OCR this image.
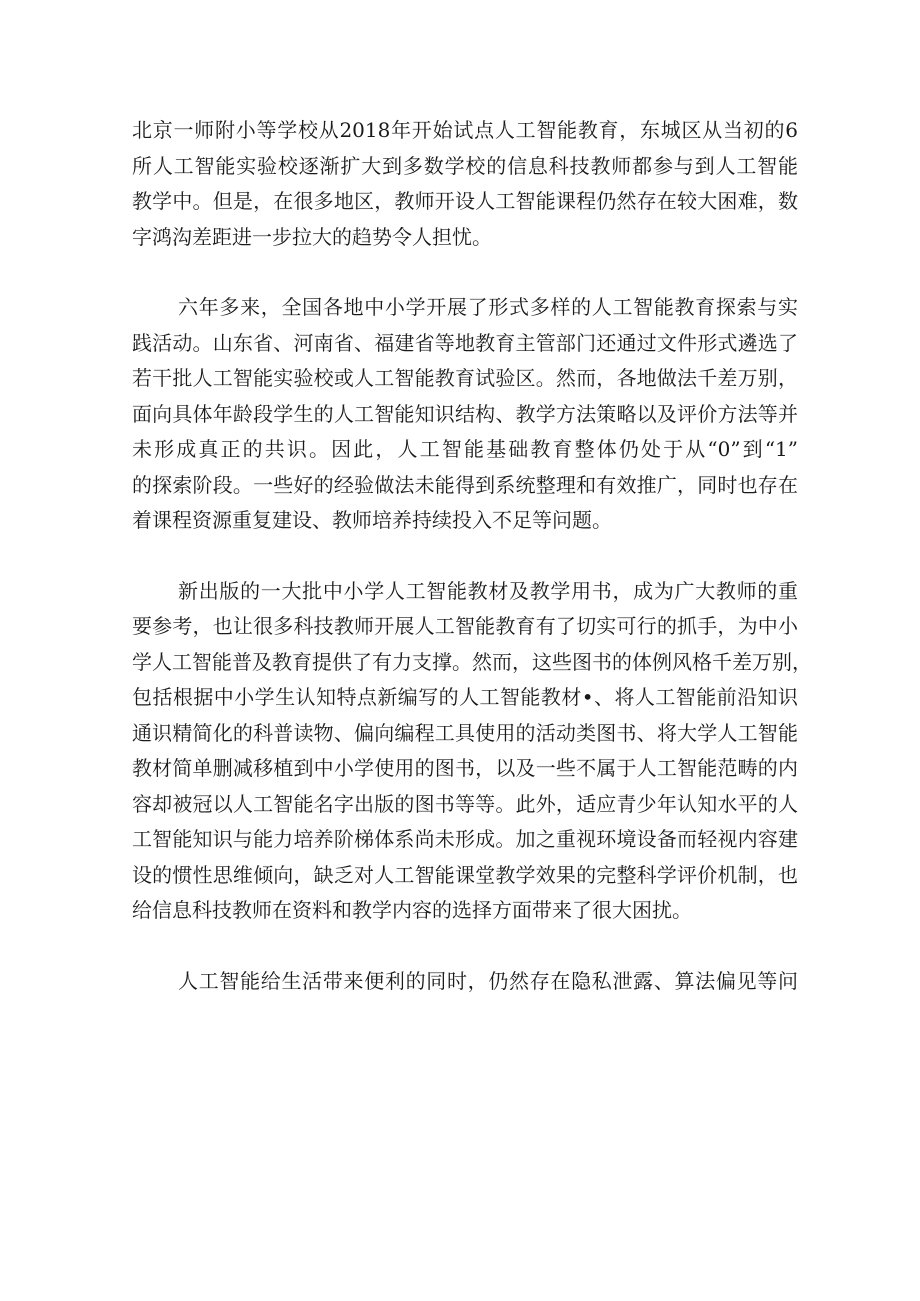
北京一师附小等学校从2018年开始试点人工智能教育，东城区从当初的6
所人工智能实验校逐渐扩大到多数学校的信息科技教师都参与到人工智能
教学中。但是，在很多地区，教师开设人工智能课程仍然存在较大困难，数
字鸿沟差距进一步拉大的趋势令人担忧。
六年多来，全国各地中小学开展了形式多样的人工智能教育探索与实
践活动。山东省、河南省、福建省等地教育主管部门还通过文件形式遴选了
若干批人工智能实验校或人工智能教育试验区。然而，各地做法千差万别，
面向具体年龄段学生的人工智能知识结构、教学方法策略以及评价方法等并
未形成真正的共识。因此，人工智能基础教育整体仍处于从“0”到“1”
的探索阶段。一些好的经验做法未能得到系统整理和有效推广，同时也存在
着课程资源重复建设、教师培养持续投入不足等问题。
新出版的一大批中小学人工智能教材及教学用书，成为广大教师的重
要参考，也让很多科技教师开展人工智能教育有了切实可行的抓手，为中小
学人工智能普及教育提供了有力支撑。然而，这些图书的体例风格千差万别，
包括根据中小学生认知特点新编写的人工智能教材•、将人工智能前沿知识
通识精简化的科普读物、偏向编程工具使用的活动类图书、将大学人工智能
教材简单删减移植到中小学使用的图书，以及一些不属于人工智能范畴的内
容却被冠以人工智能名字出版的图书等等。此外，适应青少年认知水平的人
工智能知识与能力培养阶梯体系尚未形成。加之重视环境设备而轻视内容建
设的惯性思维倾向，缺乏对人工智能课堂教学效果的完整科学评价机制，也
给信息科技教师在资料和教学内容的选择方面带来了很大困扰。
人工智能给生活带来便利的同时，仍然存在隐私泄露、算法偏见等问
